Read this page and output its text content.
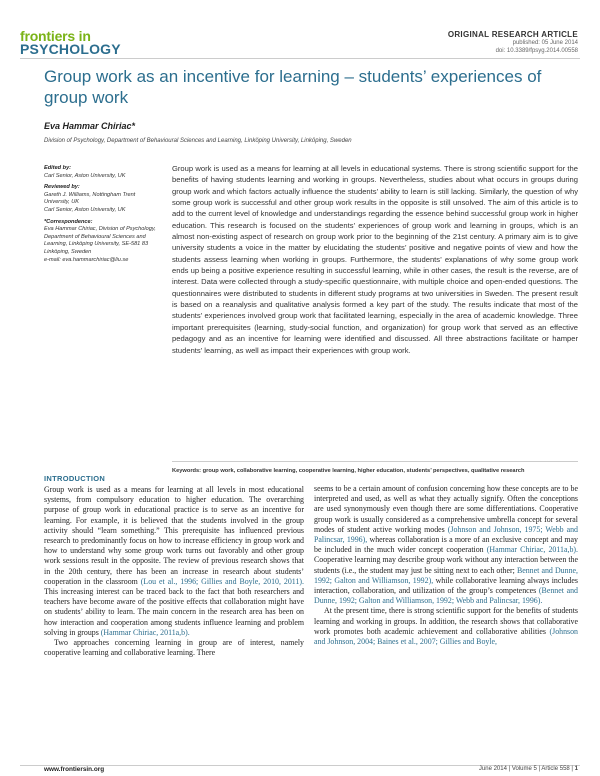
frontiers in
PSYCHOLOGY
ORIGINAL RESEARCH ARTICLE
published: 05 June 2014
doi: 10.3389/fpsyg.2014.00558
Group work as an incentive for learning – students’ experiences of group work
Eva Hammar Chiriac*
Division of Psychology, Department of Behavioural Sciences and Learning, Linköping University, Linköping, Sweden
Edited by:
Carl Senior, Aston University, UK
Reviewed by:
Gareth J. Williams, Nottingham Trent University, UK
Carl Senior, Aston University, UK
*Correspondence:
Eva Hammar Chiriac, Division of Psychology, Department of Behavioural Sciences and Learning, Linköping University, SE-581 83 Linköping, Sweden
e-mail: eva.hammarchiriac@liu.se
Group work is used as a means for learning at all levels in educational systems. There is strong scientific support for the benefits of having students learning and working in groups. Nevertheless, studies about what occurs in groups during group work and which factors actually influence the students’ ability to learn is still lacking. Similarly, the question of why some group work is successful and other group work results in the opposite is still unsolved. The aim of this article is to add to the current level of knowledge and understandings regarding the essence behind successful group work in higher education. This research is focused on the students’ experiences of group work and learning in groups, which is an almost non-existing aspect of research on group work prior to the beginning of the 21st century. A primary aim is to give university students a voice in the matter by elucidating the students’ positive and negative points of view and how the students assess learning when working in groups. Furthermore, the students’ explanations of why some group work ends up being a positive experience resulting in successful learning, while in other cases, the result is the reverse, are of interest. Data were collected through a study-specific questionnaire, with multiple choice and open-ended questions. The questionnaires were distributed to students in different study programs at two universities in Sweden. The present result is based on a reanalysis and qualitative analysis formed a key part of the study. The results indicate that most of the students’ experiences involved group work that facilitated learning, especially in the area of academic knowledge. Three important prerequisites (learning, study-social function, and organization) for group work that served as an effective pedagogy and as an incentive for learning were identified and discussed. All three abstractions facilitate or hamper students’ learning, as well as impact their experiences with group work.
Keywords: group work, collaborative learning, cooperative learning, higher education, students’ perspectives, qualitative research
INTRODUCTION

Group work is used as a means for learning at all levels in most educational systems, from compulsory education to higher education. The overarching purpose of group work in educational practice is to serve as an incentive for learning. For example, it is believed that the students involved in the group activity should “learn something.” This prerequisite has influenced previous research to predominantly focus on how to increase efficiency in group work and how to understand why some group work turns out favorably and other group work sessions result in the opposite. The review of previous research shows that in the 20th century, there has been an increase in research about students’ cooperation in the classroom (Lou et al., 1996; Gillies and Boyle, 2010, 2011). This increasing interest can be traced back to the fact that both researchers and teachers have become aware of the positive effects that collaboration might have on students’ ability to learn. The main concern in the research area has been on how interaction and cooperation among students influence learning and problem solving in groups (Hammar Chiriac, 2011a,b).

Two approaches concerning learning in group are of interest, namely cooperative learning and collaborative learning. There

seems to be a certain amount of confusion concerning how these concepts are to be interpreted and used, as well as what they actually signify. Often the conceptions are used synonymously even though there are some differentiations. Cooperative group work is usually considered as a comprehensive umbrella concept for several modes of student active working modes (Johnson and Johnson, 1975; Webb and Palincsar, 1996), whereas collaboration is a more of an exclusive concept and may be included in the much wider concept cooperation (Hammar Chiriac, 2011a,b). Cooperative learning may describe group work without any interaction between the students (i.e., the student may just be sitting next to each other; Bennet and Dunne, 1992; Galton and Williamson, 1992), while collaborative learning always includes interaction, collaboration, and utilization of the group’s competences (Bennet and Dunne, 1992; Galton and Williamson, 1992; Webb and Palincsar, 1996).

At the present time, there is strong scientific support for the benefits of students learning and working in groups. In addition, the research shows that collaborative work promotes both academic achievement and collaborative abilities (Johnson and Johnson, 2004; Baines et al., 2007; Gillies and Boyle,

www.frontiersin.org	June 2014 | Volume 5 | Article 558 | 1
